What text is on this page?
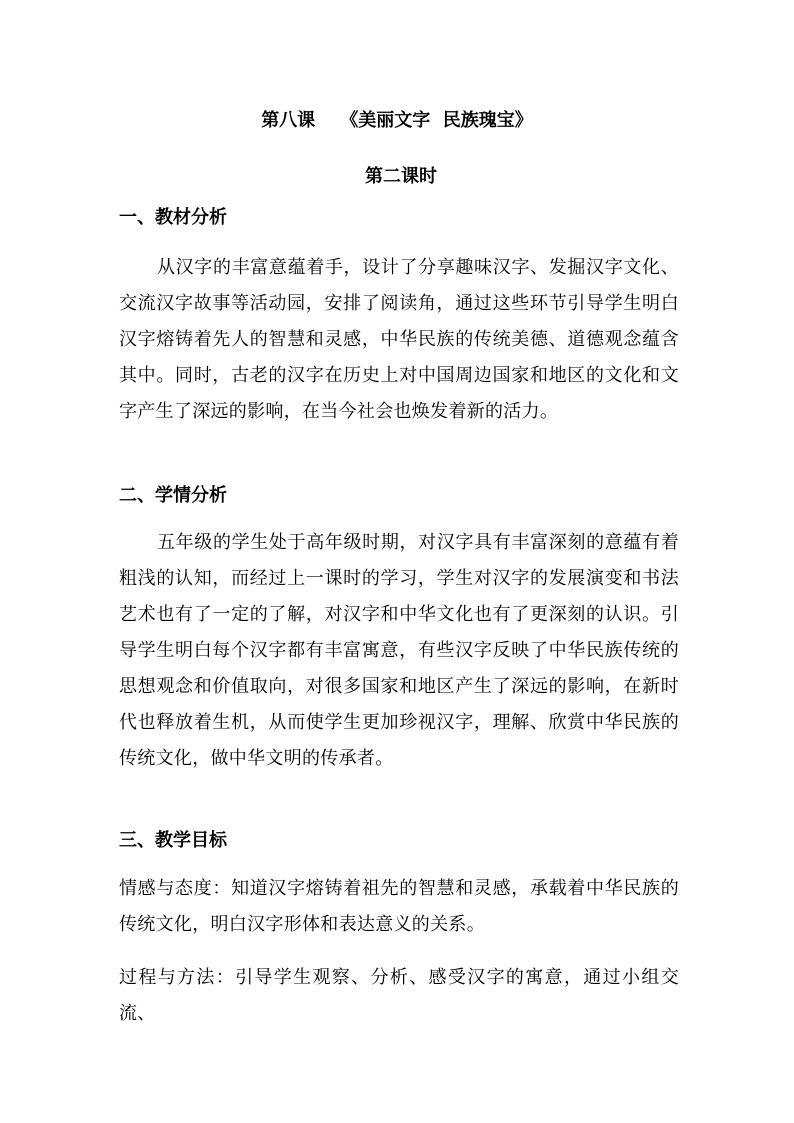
第八课    《美丽文字  民族瑰宝》
第二课时
一、教材分析
从汉字的丰富意蕴着手，设计了分享趣味汉字、发掘汉字文化、交流汉字故事等活动园，安排了阅读角，通过这些环节引导学生明白汉字熔铸着先人的智慧和灵感，中华民族的传统美德、道德观念蕴含其中。同时，古老的汉字在历史上对中国周边国家和地区的文化和文字产生了深远的影响，在当今社会也焕发着新的活力。
二、学情分析
五年级的学生处于高年级时期，对汉字具有丰富深刻的意蕴有着粗浅的认知，而经过上一课时的学习，学生对汉字的发展演变和书法艺术也有了一定的了解，对汉字和中华文化也有了更深刻的认识。引导学生明白每个汉字都有丰富寓意，有些汉字反映了中华民族传统的思想观念和价值取向，对很多国家和地区产生了深远的影响，在新时代也释放着生机，从而使学生更加珍视汉字，理解、欣赏中华民族的传统文化，做中华文明的传承者。
三、教学目标
情感与态度：知道汉字熔铸着祖先的智慧和灵感，承载着中华民族的传统文化，明白汉字形体和表达意义的关系。
过程与方法：引导学生观察、分析、感受汉字的寓意，通过小组交流、
